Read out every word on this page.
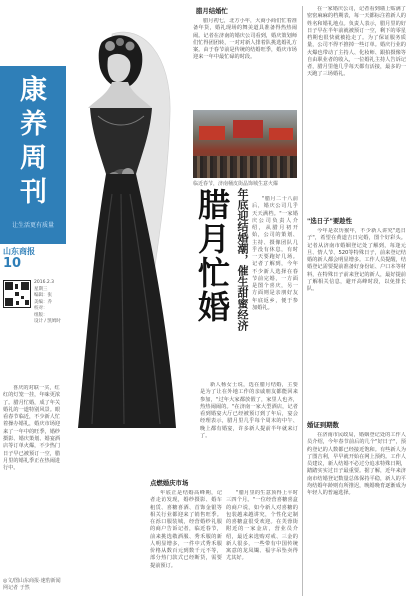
康养
周刊
让生活更有质量
山东商报
10
2016.2.3
星期三
编辑：张
美编：乔
校对：
组版：
设计 / 凯姆时
喜庆的对联一买，红红的灯笼一挂，年味更浓了。腊月忙婚，成了年关婚礼的一道特别风景。眼看春节临近，不少新人忙着操办婚礼，婚庆市场迎来了一年中的旺季，婚纱摄影、婚庆策划、婚宴酒店等订单火爆，不少热门日子早已被预订一空，腊月里的婚礼季正在热闹进行中。
◎文/图山东商报·速豹新闻网记者 于然
腊月结婚忙
腊月初七，北方小年，大商小商们忙着准备年货，婚礼现场的舞美道具准备得热热闹闹。记者在济南的婚庆公司看到，婚庆策划师们忙得团团转，一对对新人排着队挑选婚礼方案。由于春节前是传统的结婚旺季，婚庆市场迎来一年中最忙碌的时段。
临近春节，济南桶皮街晶饰城生意火爆
年底迎结婚潮，催生甜蜜经济
腊月忙婚	"腊月二十八前后，婚庆公司几乎天天满档。"一家婚庆公司负责人介绍，从腊月初开始，公司的策划、主持、摄像团队几乎没有休息，有时一天要跑好几场。记者了解到，今年不少新人选择在春节前完婚，一方面是图个喜庆，另一方面则是亲朋好友年底返乡，便于参加婚礼。
新人杨女士说，选在腊月结婚，主要是为了让在外地工作的亲戚朋友都能回来参加，"过年大家都放假了，家里人也齐，热热闹闹的。"在济南一家大型酒店，记者看到婚宴大厅已经被预订到了年后，宴会经理表示，腊月里几乎每个周末的中午、晚上都有婚宴，许多新人提前半年就来订了。
点燃婚庆市场
年底正是结婚高峰期，记者走访发现，婚纱摄影、婚车租赁、喜糖喜酒、首饰金银等相关行业都迎来了销售旺季。在泺口服装城，经营婚纱礼服的商户告诉记者，临近春节，前来挑选敬酒服、秀禾服的新人明显增多，一件中式秀禾服价格从数百元到数千元不等，部分热门款式已经断货，需要提前预订。
"腊月里的生意顶得上平时三四个月。"一位经营喜糖喜盒的商户说，如今新人对喜糖的包装越来越讲究，个性化定制的喜糖盒很受欢迎。在芙蓉街附近的一家金店，营业员介绍，最近来选购对戒、三金的新人很多，一些带有中国传统寓意的龙凤镯、福字吊坠卖得尤其好。
在一家婚庆公司，记者看到墙上贴满了密密麻麻的档期表，每一天都标注着新人的姓名和婚礼地点。负责人表示，腊月里的好日子早在半年前就被预订一空，剩下的零星档期也很快就被抢走了。为了保证服务质量，公司不得不推掉一些订单。婚庆行业的火爆也带动了主持人、化妆师、跟拍摄像等自由职业者的收入，一位婚礼主持人告诉记者，腊月里他几乎每天都有活接，最多的一天跑了三场婚礼。
"选日子"要趁性
今年是农历猴年，不少新人讲究"选日子"，希望在黄道吉日完婚，图个好彩头。记者从济南市婚姻登记处了解到，每逢元旦、情人节、520等特殊日子，前来登记结婚的新人都会明显增多。工作人员提醒，结婚登记需要提前准备好身份证、户口本等材料，在特殊日子前来登记的新人，最好提前了解相关信息，避开高峰时段，以免排长队。
婚证到期数
在济南市民政局，婚姻登记处的工作人员介绍，今年春节前后的几个"好日子"，预约登记的人数都已经接近饱和。有些新人为了图吉利，早早就开始在网上预约。工作人员建议，新人结婚不必过分追求特殊日期，踏踏实实过日子最重要。据了解，近年来济南市结婚登记数量总体保持平稳，新人的平均结婚年龄则有所推迟，晚婚晚育逐渐成为年轻人的普遍选择。
